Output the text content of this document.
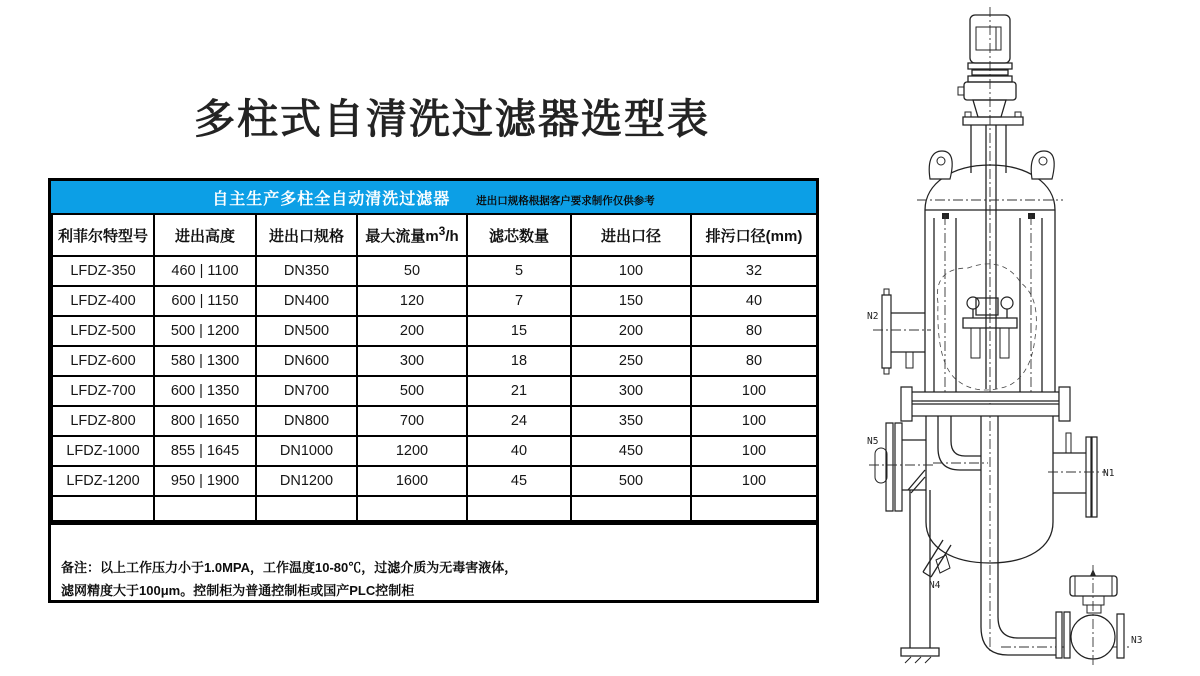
多柱式自清洗过滤器选型表
自主生产多柱全自动清洗过滤器 进出口规格根据客户要求制作仅供参考
利菲尔特型号	进出高度	进出口规格	最大流量$m^3/h$	滤芯数量	进出口径	排污口径(mm)
LFDZ-350	460 | 1100	DN350	50	5	100	32
LFDZ-400	600 | 1150	DN400	120	7	150	40
LFDZ-500	500 | 1200	DN500	200	15	200	80
LFDZ-600	580 | 1300	DN600	300	18	250	80
LFDZ-700	600 | 1350	DN700	500	21	300	100
LFDZ-800	800 | 1650	DN800	700	24	350	100
LFDZ-1000	855 | 1645	DN1000	1200	40	450	100
LFDZ-1200	950 | 1900	DN1200	1600	45	500	100

备注：以上工作压力小于1.0MPA，工作温度10-80℃，过滤介质为无毒害液体，
滤网精度大于100μm。控制柜为普通控制柜或国产PLC控制柜
N2
N5
N1
N4
N3
